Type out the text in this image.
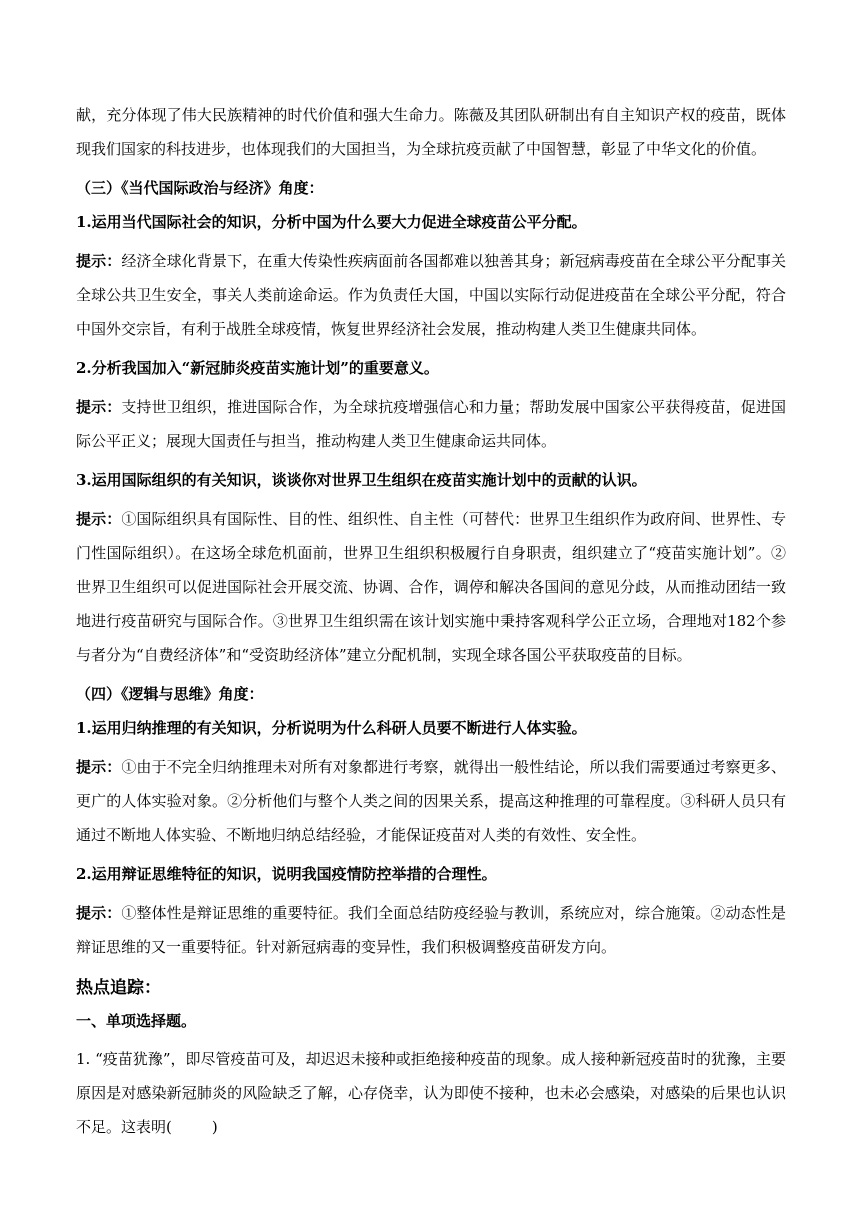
献，充分体现了伟大民族精神的时代价值和强大生命力。陈薇及其团队研制出有自主知识产权的疫苗，既体现我们国家的科技进步，也体现我们的大国担当，为全球抗疫贡献了中国智慧，彰显了中华文化的价值。

（三）《当代国际政治与经济》角度：

1.运用当代国际社会的知识，分析中国为什么要大力促进全球疫苗公平分配。

提示：经济全球化背景下，在重大传染性疾病面前各国都难以独善其身；新冠病毒疫苗在全球公平分配事关全球公共卫生安全，事关人类前途命运。作为负责任大国，中国以实际行动促进疫苗在全球公平分配，符合中国外交宗旨，有利于战胜全球疫情，恢复世界经济社会发展，推动构建人类卫生健康共同体。

2.分析我国加入“新冠肺炎疫苗实施计划”的重要意义。

提示：支持世卫组织，推进国际合作，为全球抗疫增强信心和力量；帮助发展中国家公平获得疫苗，促进国际公平正义；展现大国责任与担当，推动构建人类卫生健康命运共同体。

3.运用国际组织的有关知识，谈谈你对世界卫生组织在疫苗实施计划中的贡献的认识。

提示：①国际组织具有国际性、目的性、组织性、自主性（可替代：世界卫生组织作为政府间、世界性、专门性国际组织）。在这场全球危机面前，世界卫生组织积极履行自身职责，组织建立了“疫苗实施计划”。②世界卫生组织可以促进国际社会开展交流、协调、合作，调停和解决各国间的意见分歧，从而推动团结一致地进行疫苗研究与国际合作。③世界卫生组织需在该计划实施中秉持客观科学公正立场，合理地对182个参与者分为“自费经济体”和“受资助经济体”建立分配机制，实现全球各国公平获取疫苗的目标。

（四）《逻辑与思维》角度：

1.运用归纳推理的有关知识，分析说明为什么科研人员要不断进行人体实验。

提示：①由于不完全归纳推理未对所有对象都进行考察，就得出一般性结论，所以我们需要通过考察更多、更广的人体实验对象。②分析他们与整个人类之间的因果关系，提高这种推理的可靠程度。③科研人员只有通过不断地人体实验、不断地归纳总结经验，才能保证疫苗对人类的有效性、安全性。

2.运用辩证思维特征的知识，说明我国疫情防控举措的合理性。

提示：①整体性是辩证思维的重要特征。我们全面总结防疫经验与教训，系统应对，综合施策。②动态性是辩证思维的又一重要特征。针对新冠病毒的变异性，我们积极调整疫苗研发方向。

热点追踪：

一、单项选择题。

1. “疫苗犹豫”，即尽管疫苗可及，却迟迟未接种或拒绝接种疫苗的现象。成人接种新冠疫苗时的犹豫，主要原因是对感染新冠肺炎的风险缺乏了解，心存侥幸，认为即使不接种，也未必会感染，对感染的后果也认识不足。这表明(	)
